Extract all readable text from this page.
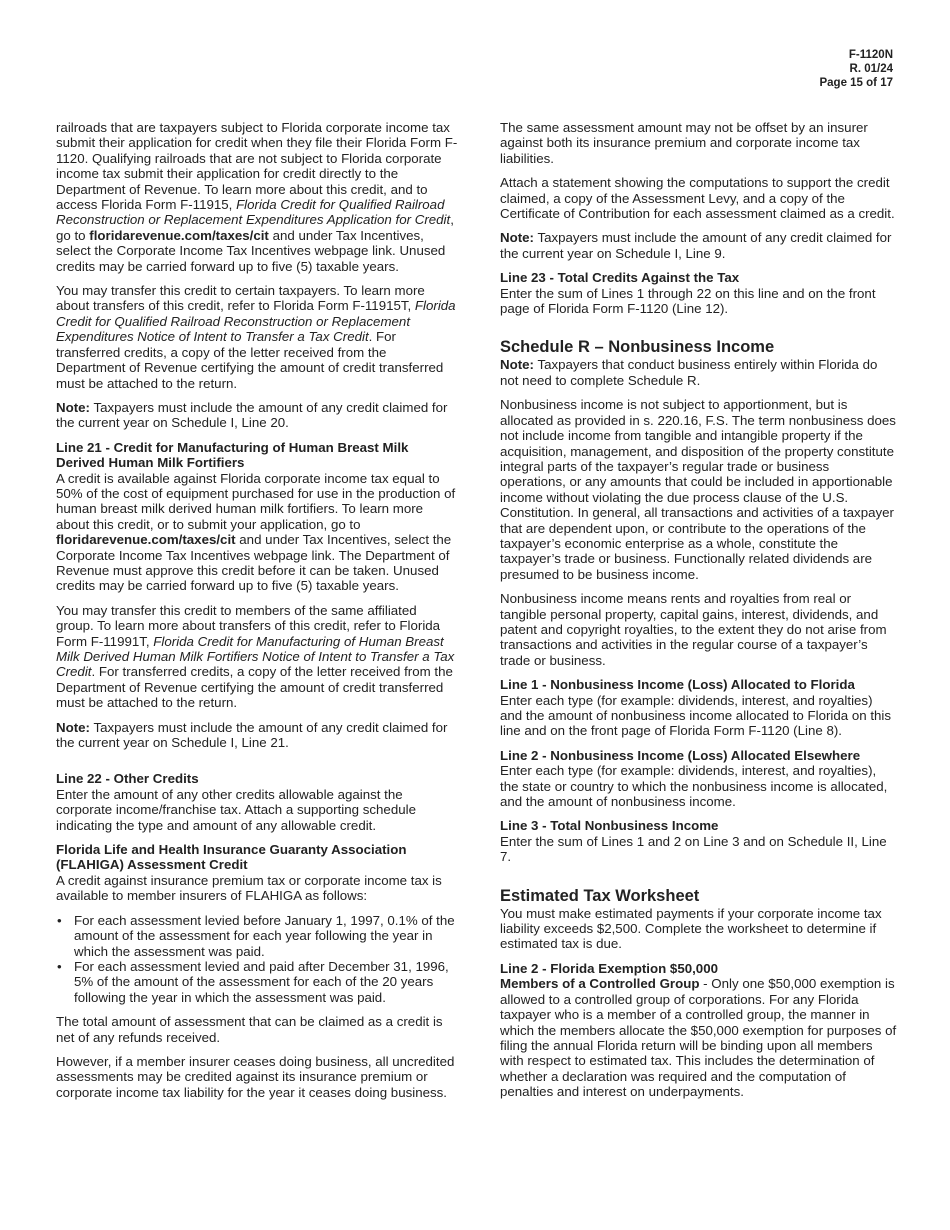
F-1120N
R. 01/24
Page 15 of 17

railroads that are taxpayers subject to Florida corporate income tax submit their application for credit when they file their Florida Form F-1120. Qualifying railroads that are not subject to Florida corporate income tax submit their application for credit directly to the Department of Revenue. To learn more about this credit, and to access Florida Form F-11915, Florida Credit for Qualified Railroad Reconstruction or Replacement Expenditures Application for Credit, go to floridarevenue.com/taxes/cit and under Tax Incentives, select the Corporate Income Tax Incentives webpage link. Unused credits may be carried forward up to five (5) taxable years.

You may transfer this credit to certain taxpayers. To learn more about transfers of this credit, refer to Florida Form F-11915T, Florida Credit for Qualified Railroad Reconstruction or Replacement Expenditures Notice of Intent to Transfer a Tax Credit. For transferred credits, a copy of the letter received from the Department of Revenue certifying the amount of credit transferred must be attached to the return.

Note: Taxpayers must include the amount of any credit claimed for the current year on Schedule I, Line 20.

Line 21 - Credit for Manufacturing of Human Breast Milk Derived Human Milk Fortifiers

A credit is available against Florida corporate income tax equal to 50% of the cost of equipment purchased for use in the production of human breast milk derived human milk fortifiers. To learn more about this credit, or to submit your application, go to floridarevenue.com/taxes/cit and under Tax Incentives, select the Corporate Income Tax Incentives webpage link. The Department of Revenue must approve this credit before it can be taken. Unused credits may be carried forward up to five (5) taxable years.

You may transfer this credit to members of the same affiliated group. To learn more about transfers of this credit, refer to Florida Form F-11991T, Florida Credit for Manufacturing of Human Breast Milk Derived Human Milk Fortifiers Notice of Intent to Transfer a Tax Credit. For transferred credits, a copy of the letter received from the Department of Revenue certifying the amount of credit transferred must be attached to the return.

Note: Taxpayers must include the amount of any credit claimed for the current year on Schedule I, Line 21.

Line 22 - Other Credits

Enter the amount of any other credits allowable against the corporate income/franchise tax. Attach a supporting schedule indicating the type and amount of any allowable credit.

Florida Life and Health Insurance Guaranty Association (FLAHIGA) Assessment Credit

A credit against insurance premium tax or corporate income tax is available to member insurers of FLAHIGA as follows:

• For each assessment levied before January 1, 1997, 0.1% of the amount of the assessment for each year following the year in which the assessment was paid.
• For each assessment levied and paid after December 31, 1996, 5% of the amount of the assessment for each of the 20 years following the year in which the assessment was paid.

The total amount of assessment that can be claimed as a credit is net of any refunds received.

However, if a member insurer ceases doing business, all uncredited assessments may be credited against its insurance premium or corporate income tax liability for the year it ceases doing business.

The same assessment amount may not be offset by an insurer against both its insurance premium and corporate income tax liabilities.

Attach a statement showing the computations to support the credit claimed, a copy of the Assessment Levy, and a copy of the Certificate of Contribution for each assessment claimed as a credit.

Note: Taxpayers must include the amount of any credit claimed for the current year on Schedule I, Line 9.

Line 23 - Total Credits Against the Tax

Enter the sum of Lines 1 through 22 on this line and on the front page of Florida Form F-1120 (Line 12).

Schedule R – Nonbusiness Income

Note: Taxpayers that conduct business entirely within Florida do not need to complete Schedule R.

Nonbusiness income is not subject to apportionment, but is allocated as provided in s. 220.16, F.S. The term nonbusiness does not include income from tangible and intangible property if the acquisition, management, and disposition of the property constitute integral parts of the taxpayer’s regular trade or business operations, or any amounts that could be included in apportionable income without violating the due process clause of the U.S. Constitution. In general, all transactions and activities of a taxpayer that are dependent upon, or contribute to the operations of the taxpayer’s economic enterprise as a whole, constitute the taxpayer’s trade or business. Functionally related dividends are presumed to be business income.

Nonbusiness income means rents and royalties from real or tangible personal property, capital gains, interest, dividends, and patent and copyright royalties, to the extent they do not arise from transactions and activities in the regular course of a taxpayer’s trade or business.

Line 1 - Nonbusiness Income (Loss) Allocated to Florida

Enter each type (for example: dividends, interest, and royalties) and the amount of nonbusiness income allocated to Florida on this line and on the front page of Florida Form F-1120 (Line 8).

Line 2 - Nonbusiness Income (Loss) Allocated Elsewhere

Enter each type (for example: dividends, interest, and royalties), the state or country to which the nonbusiness income is allocated, and the amount of nonbusiness income.

Line 3 - Total Nonbusiness Income

Enter the sum of Lines 1 and 2 on Line 3 and on Schedule II, Line 7.

Estimated Tax Worksheet

You must make estimated payments if your corporate income tax liability exceeds $2,500. Complete the worksheet to determine if estimated tax is due.

Line 2 - Florida Exemption $50,000

Members of a Controlled Group - Only one $50,000 exemption is allowed to a controlled group of corporations. For any Florida taxpayer who is a member of a controlled group, the manner in which the members allocate the $50,000 exemption for purposes of filing the annual Florida return will be binding upon all members with respect to estimated tax. This includes the determination of whether a declaration was required and the computation of penalties and interest on underpayments.
